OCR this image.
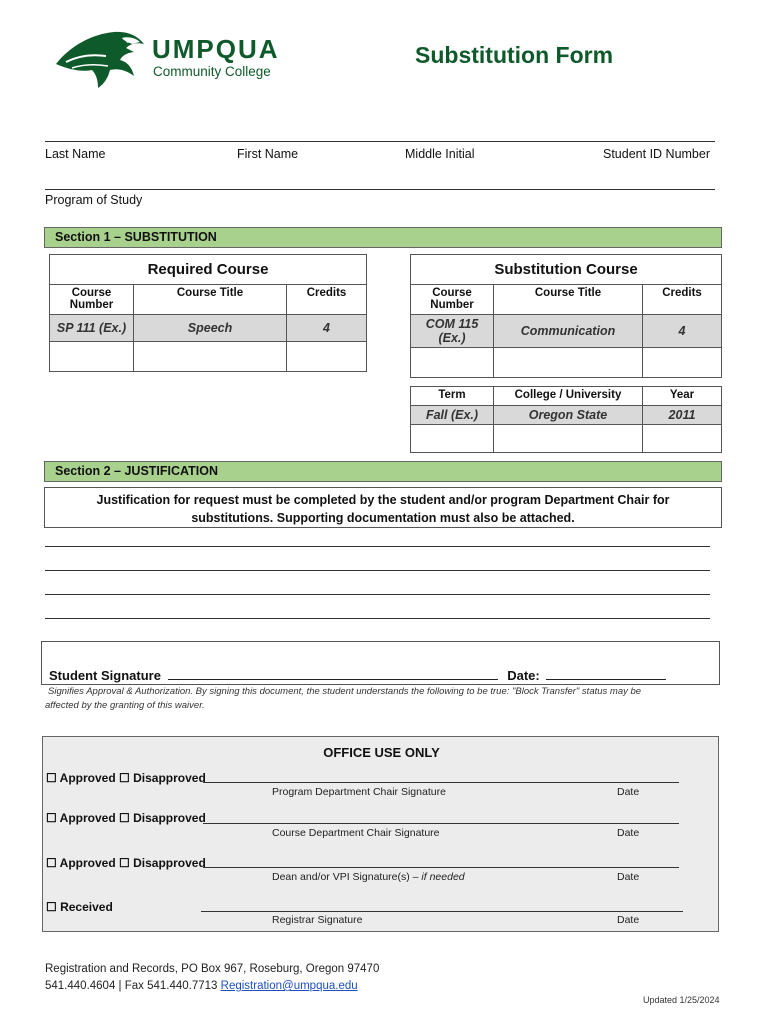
UMPQUA
Community College
Substitution Form
Last Name	First Name	Middle Initial	Student ID Number
Program of Study
Section 1 – SUBSTITUTION
Required Course		
Course Number	Course Title	Credits
SP 111 (Ex.)	Speech	4

Substitution Course		
Course Number	Course Title	Credits
COM 115 (Ex.)	Communication	4

Term	College / University	Year
Fall (Ex.)	Oregon State	2011

Section 2 – JUSTIFICATION
Justification for request must be completed by the student and/or program Department Chair for
substitutions. Supporting documentation must also be attached.
Student Signature	Date:
Signifies Approval & Authorization. By signing this document, the student understands the following to be true: "Block Transfer" status may be
affected by the granting of this waiver.
OFFICE USE ONLY
☐ Approved ☐ Disapproved
Program Department Chair Signature	Date
☐ Approved ☐ Disapproved
Course Department Chair Signature	Date
☐ Approved ☐ Disapproved
Dean and/or VPI Signature(s) – if needed	Date
☐ Received
Registrar Signature	Date
Registration and Records, PO Box 967, Roseburg, Oregon 97470
541.440.4604 | Fax 541.440.7713 Registration@umpqua.edu
Updated 1/25/2024
